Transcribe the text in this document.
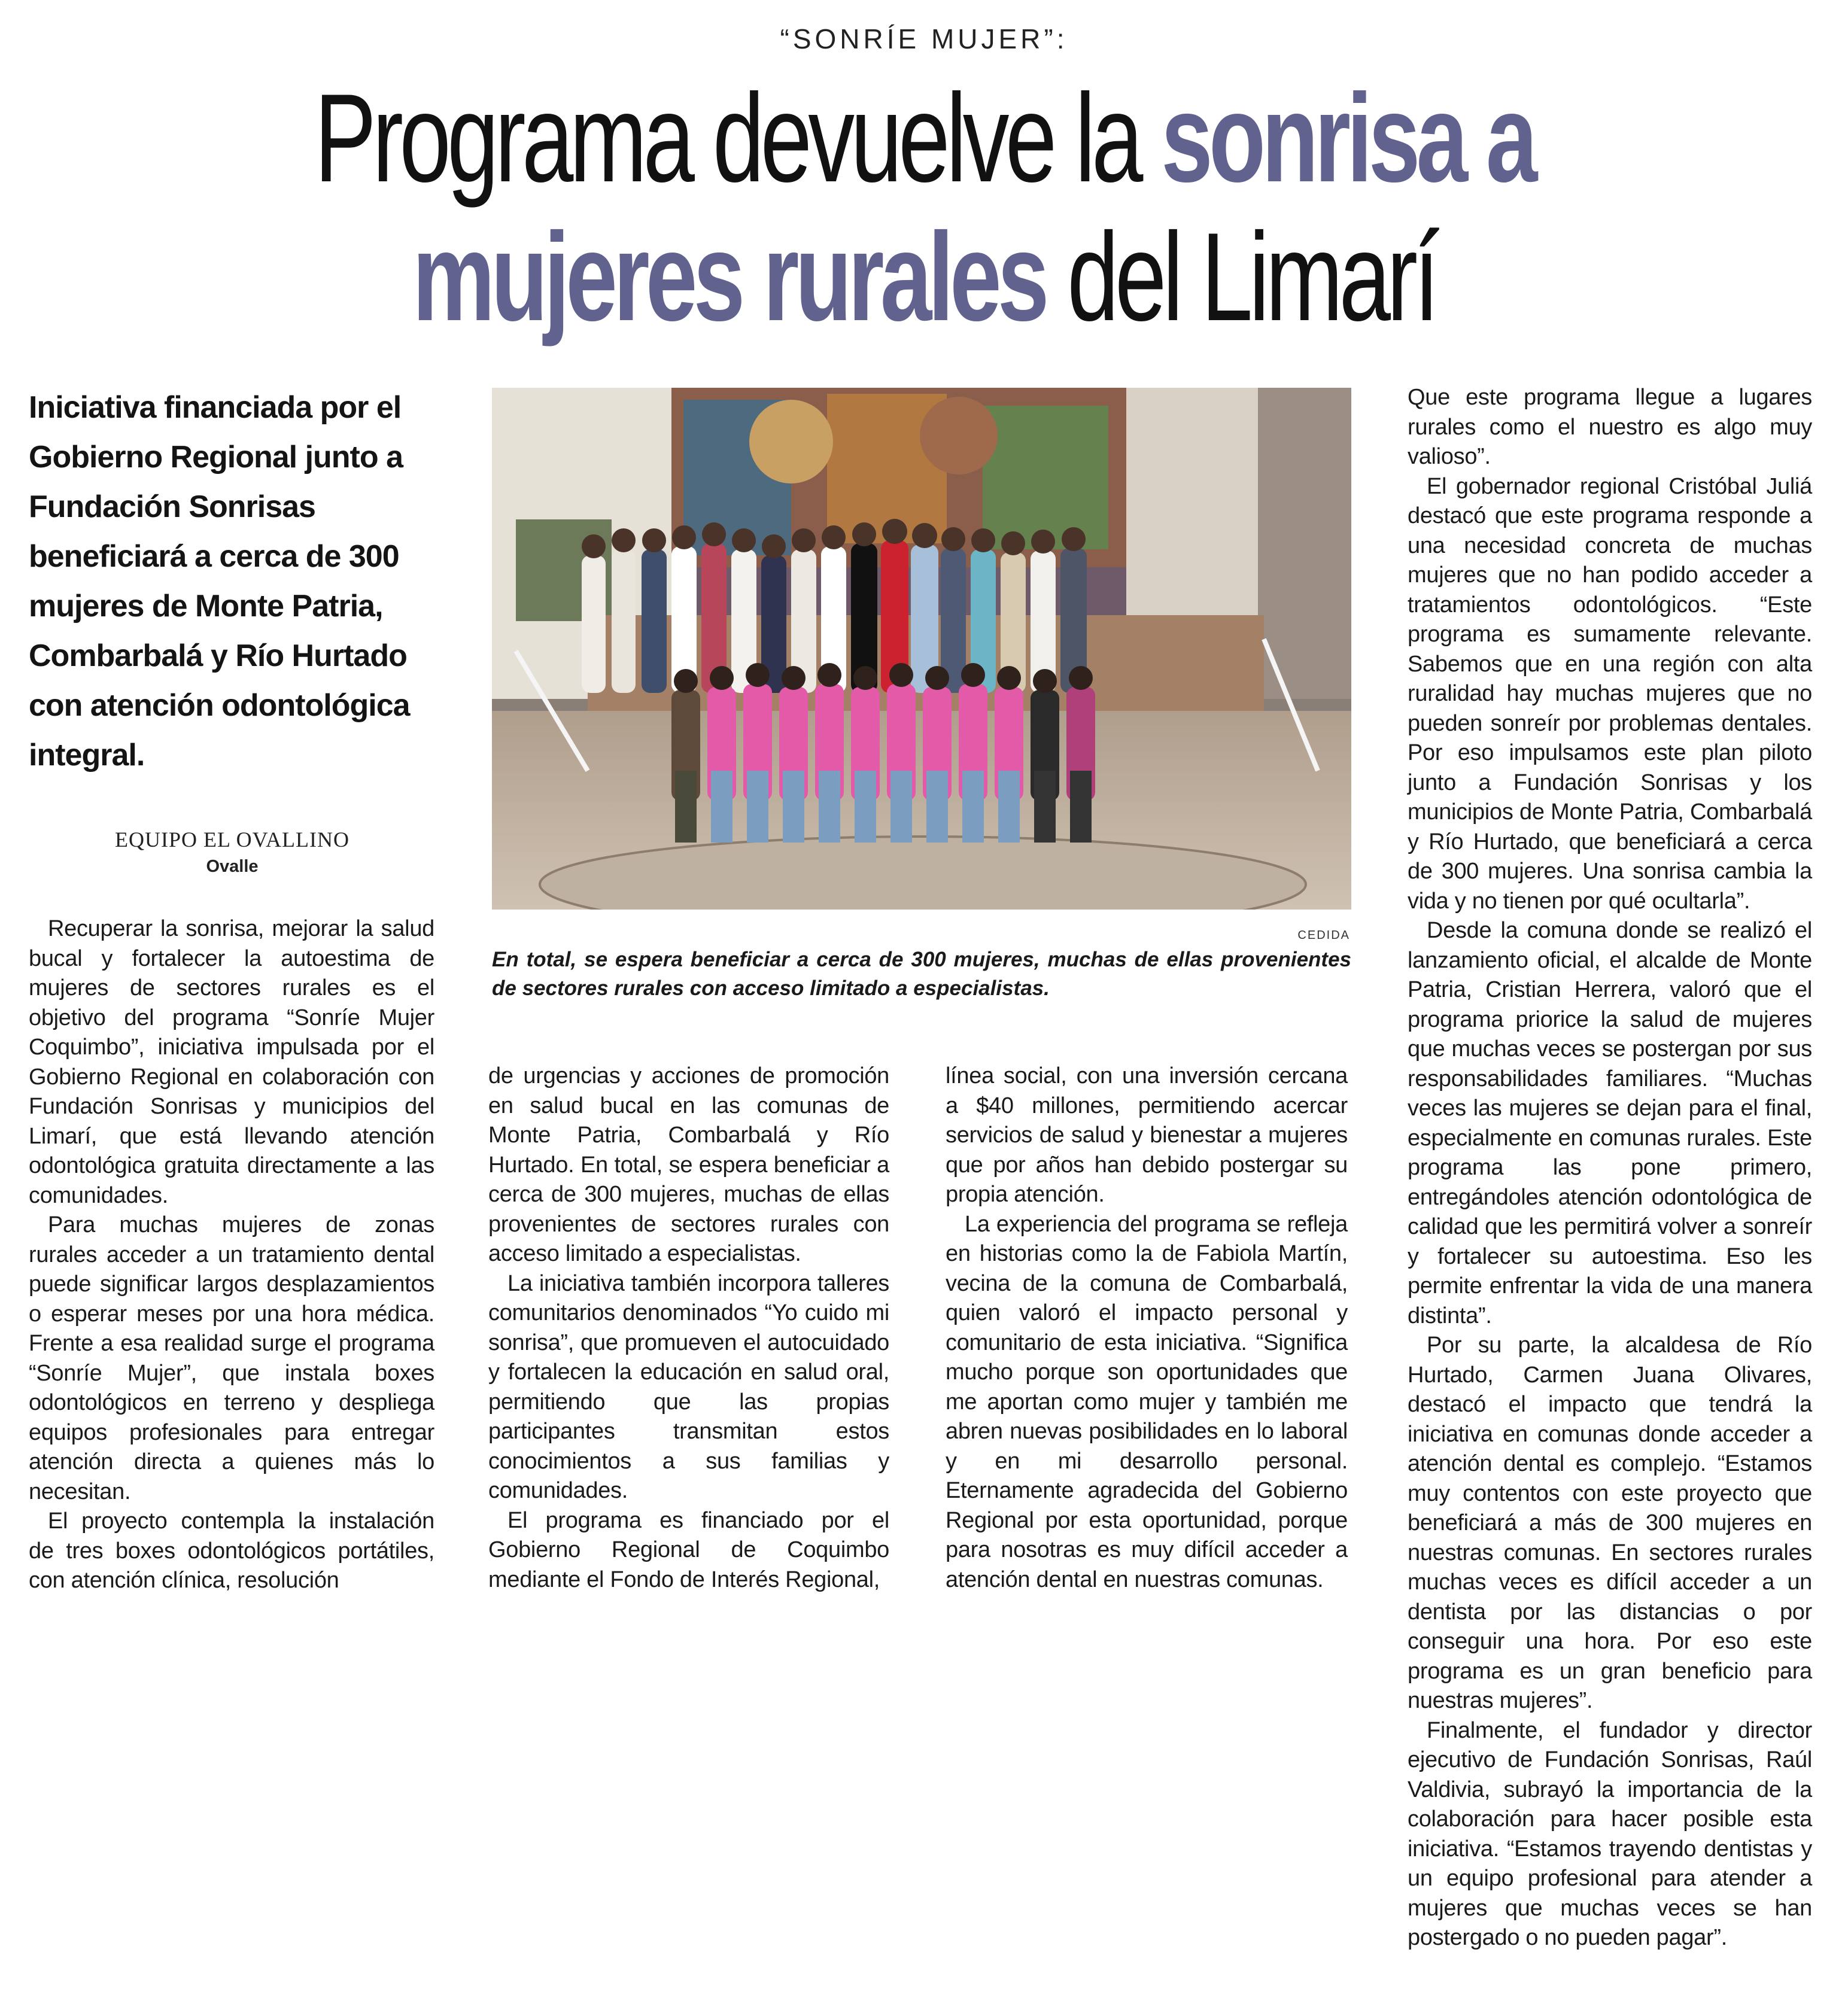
“SONRÍE MUJER”:
Programa devuelve la sonrisa a
mujeres rurales del Limarí
Iniciativa financiada por el Gobierno Regional junto a Fundación Sonrisas beneficiará a cerca de 300 mujeres de Monte Patria, Combarbalá y Río Hurtado con atención odontológica integral.
EQUIPO EL OVALLINO
Ovalle
CEDIDA
En total, se espera beneficiar a cerca de 300 mujeres, muchas de ellas provenientes de sectores rurales con acceso limitado a especialistas.

Recuperar la sonrisa, mejorar la salud bucal y fortalecer la autoestima de mujeres de sectores rurales es el objetivo del programa “Sonríe Mujer Coquimbo”, iniciativa impulsada por el Gobierno Regional en colaboración con Fundación Sonrisas y municipios del Limarí, que está llevando atención odontológica gratuita directamente a las comunidades.

Para muchas mujeres de zonas rurales acceder a un tratamiento dental puede significar largos desplazamientos o esperar meses por una hora médica. Frente a esa realidad surge el programa “Sonríe Mujer”, que instala boxes odontológicos en terreno y despliega equipos profesionales para entregar atención directa a quienes más lo necesitan.

El proyecto contempla la instalación de tres boxes odontológicos portátiles, con atención clínica, resolución

de urgencias y acciones de promoción en salud bucal en las comunas de Monte Patria, Combarbalá y Río Hurtado. En total, se espera beneficiar a cerca de 300 mujeres, muchas de ellas provenientes de sectores rurales con acceso limitado a especialistas.

La iniciativa también incorpora talleres comunitarios denominados “Yo cuido mi sonrisa”, que promueven el autocuidado y fortalecen la educación en salud oral, permitiendo que las propias participantes transmitan estos conocimientos a sus familias y comunidades.

El programa es financiado por el Gobierno Regional de Coquimbo mediante el Fondo de Interés Regional,

línea social, con una inversión cercana a $40 millones, permitiendo acercar servicios de salud y bienestar a mujeres que por años han debido postergar su propia atención.

La experiencia del programa se refleja en historias como la de Fabiola Martín, vecina de la comuna de Combarbalá, quien valoró el impacto personal y comunitario de esta iniciativa. “Significa mucho porque son oportunidades que me aportan como mujer y también me abren nuevas posibilidades en lo laboral y en mi desarrollo personal. Eternamente agradecida del Gobierno Regional por esta oportunidad, porque para nosotras es muy difícil acceder a atención dental en nuestras comunas.

Que este programa llegue a lugares rurales como el nuestro es algo muy valioso”.

El gobernador regional Cristóbal Juliá destacó que este programa responde a una necesidad concreta de muchas mujeres que no han podido acceder a tratamientos odontológicos. “Este programa es sumamente relevante. Sabemos que en una región con alta ruralidad hay muchas mujeres que no pueden sonreír por problemas dentales. Por eso impulsamos este plan piloto junto a Fundación Sonrisas y los municipios de Monte Patria, Combarbalá y Río Hurtado, que beneficiará a cerca de 300 mujeres. Una sonrisa cambia la vida y no tienen por qué ocultarla”.

Desde la comuna donde se realizó el lanzamiento oficial, el alcalde de Monte Patria, Cristian Herrera, valoró que el programa priorice la salud de mujeres que muchas veces se postergan por sus responsabilidades familiares. “Muchas veces las mujeres se dejan para el final, especialmente en comunas rurales. Este programa las pone primero, entregándoles atención odontológica de calidad que les permitirá volver a sonreír y fortalecer su autoestima. Eso les permite enfrentar la vida de una manera distinta”.

Por su parte, la alcaldesa de Río Hurtado, Carmen Juana Olivares, destacó el impacto que tendrá la iniciativa en comunas donde acceder a atención dental es complejo. “Estamos muy contentos con este proyecto que beneficiará a más de 300 mujeres en nuestras comunas. En sectores rurales muchas veces es difícil acceder a un dentista por las distancias o por conseguir una hora. Por eso este programa es un gran beneficio para nuestras mujeres”.

Finalmente, el fundador y director ejecutivo de Fundación Sonrisas, Raúl Valdivia, subrayó la importancia de la colaboración para hacer posible esta iniciativa. “Estamos trayendo dentistas y un equipo profesional para atender a mujeres que muchas veces se han postergado o no pueden pagar”.
